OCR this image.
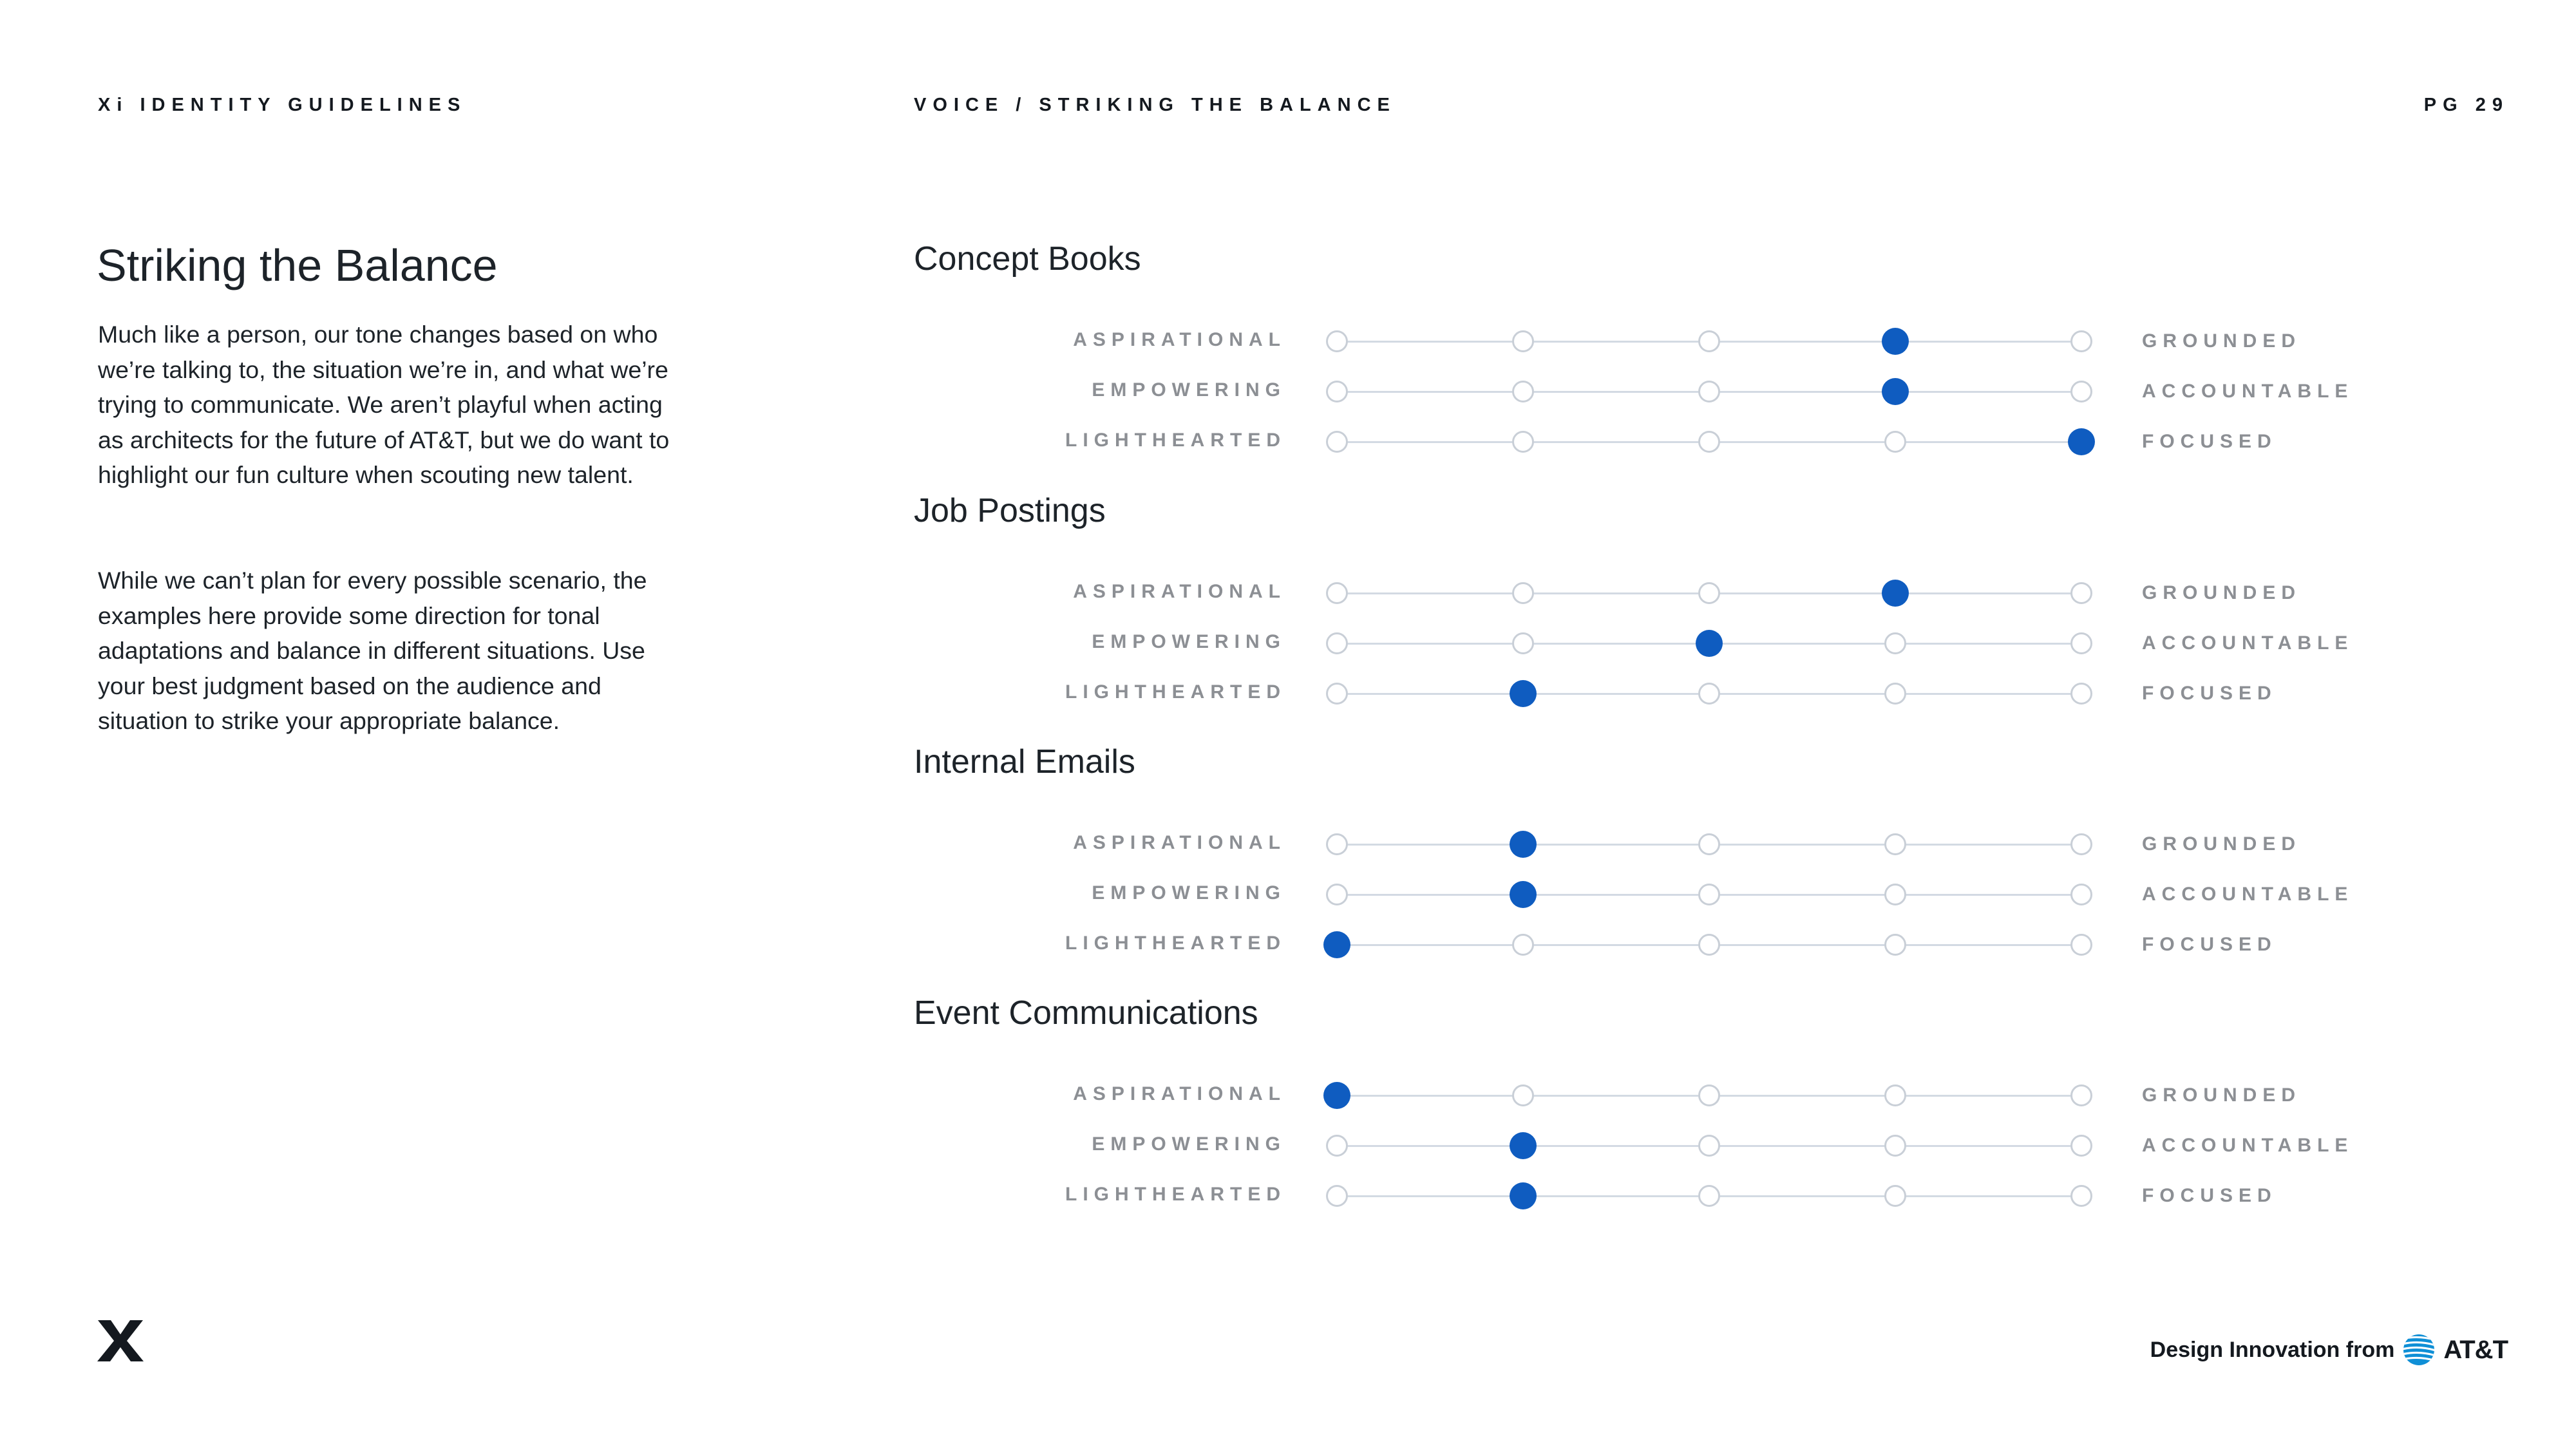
Xi IDENTITY GUIDELINES	VOICE / STRIKING THE BALANCE	PG 29
Striking the Balance

Much like a person, our tone changes based on who we’re talking to, the situation we’re in, and what we’re trying to communicate. We aren’t playful when acting as architects for the future of AT&T, but we do want to highlight our fun culture when scouting new talent.

While we can’t plan for every possible scenario, the examples here provide some direction for tonal adaptations and balance in different situations. Use your best judgment based on the audience and situation to strike your appropriate balance.

Concept Books
ASPIRATIONAL	GROUNDED
EMPOWERING	ACCOUNTABLE
LIGHTHEARTED	FOCUSED
Job Postings
ASPIRATIONAL	GROUNDED
EMPOWERING	ACCOUNTABLE
LIGHTHEARTED	FOCUSED
Internal Emails
ASPIRATIONAL	GROUNDED
EMPOWERING	ACCOUNTABLE
LIGHTHEARTED	FOCUSED
Event Communications
ASPIRATIONAL	GROUNDED
EMPOWERING	ACCOUNTABLE
LIGHTHEARTED	FOCUSED
Design Innovation from AT&T
